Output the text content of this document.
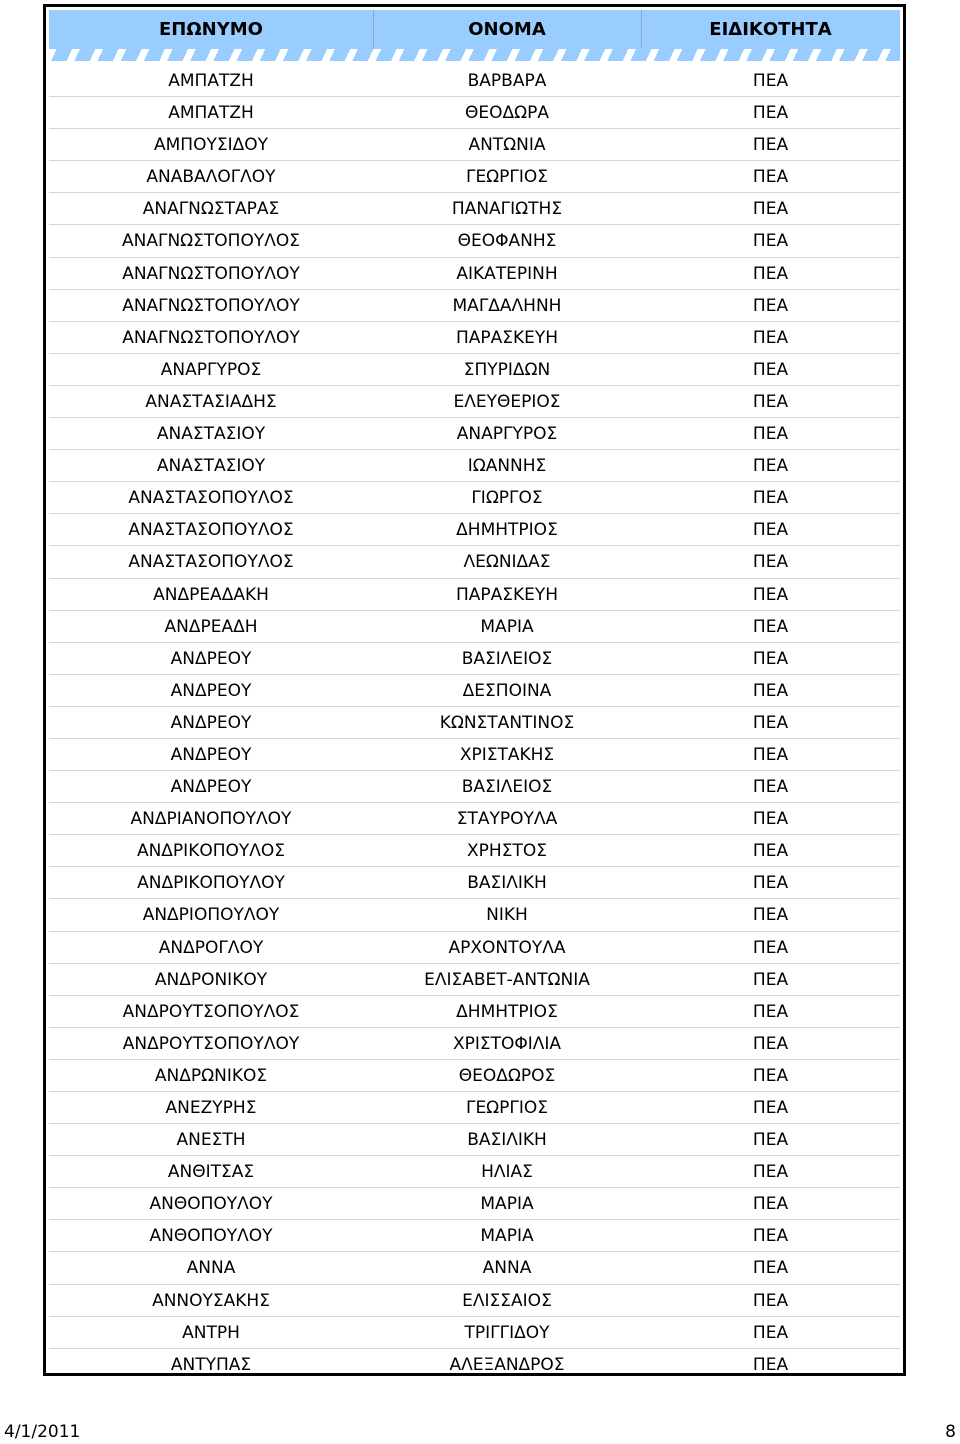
ΕΠΩΝΥΜΟ	ΟΝΟΜΑ	ΕΙΔΙΚΟΤΗΤΑ
ΑΜΠΑΤΖΗ	ΒΑΡΒΑΡΑ	ΠΕΑ
ΑΜΠΑΤΖΗ	ΘΕΟΔΩΡΑ	ΠΕΑ
ΑΜΠΟΥΣΙΔΟΥ	ΑΝΤΩΝΙΑ	ΠΕΑ
ΑΝΑΒΑΛΟΓΛΟΥ	ΓΕΩΡΓΙΟΣ	ΠΕΑ
ΑΝΑΓΝΩΣΤΑΡΑΣ	ΠΑΝΑΓΙΩΤΗΣ	ΠΕΑ
ΑΝΑΓΝΩΣΤΟΠΟΥΛΟΣ	ΘΕΟΦΑΝΗΣ	ΠΕΑ
ΑΝΑΓΝΩΣΤΟΠΟΥΛΟΥ	ΑΙΚΑΤΕΡΙΝΗ	ΠΕΑ
ΑΝΑΓΝΩΣΤΟΠΟΥΛΟΥ	ΜΑΓΔΑΛΗΝΗ	ΠΕΑ
ΑΝΑΓΝΩΣΤΟΠΟΥΛΟΥ	ΠΑΡΑΣΚΕΥΗ	ΠΕΑ
ΑΝΑΡΓΥΡΟΣ	ΣΠΥΡΙΔΩΝ	ΠΕΑ
ΑΝΑΣΤΑΣΙΑΔΗΣ	ΕΛΕΥΘΕΡΙΟΣ	ΠΕΑ
ΑΝΑΣΤΑΣΙΟΥ	ΑΝΑΡΓΥΡΟΣ	ΠΕΑ
ΑΝΑΣΤΑΣΙΟΥ	ΙΩΑΝΝΗΣ	ΠΕΑ
ΑΝΑΣΤΑΣΟΠΟΥΛΟΣ	ΓΙΩΡΓΟΣ	ΠΕΑ
ΑΝΑΣΤΑΣΟΠΟΥΛΟΣ	ΔΗΜΗΤΡΙΟΣ	ΠΕΑ
ΑΝΑΣΤΑΣΟΠΟΥΛΟΣ	ΛΕΩΝΙΔΑΣ	ΠΕΑ
ΑΝΔΡΕΑΔΑΚΗ	ΠΑΡΑΣΚΕΥΗ	ΠΕΑ
ΑΝΔΡΕΑΔΗ	ΜΑΡΙΑ	ΠΕΑ
ΑΝΔΡΕΟΥ	ΒΑΣΙΛΕΙΟΣ	ΠΕΑ
ΑΝΔΡΕΟΥ	ΔΕΣΠΟΙΝΑ	ΠΕΑ
ΑΝΔΡΕΟΥ	ΚΩΝΣΤΑΝΤΙΝΟΣ	ΠΕΑ
ΑΝΔΡΕΟΥ	ΧΡΙΣΤΑΚΗΣ	ΠΕΑ
ΑΝΔΡΕΟΥ	ΒΑΣΙΛΕΙΟΣ	ΠΕΑ
ΑΝΔΡΙΑΝΟΠΟΥΛΟΥ	ΣΤΑΥΡΟΥΛΑ	ΠΕΑ
ΑΝΔΡΙΚΟΠΟΥΛΟΣ	ΧΡΗΣΤΟΣ	ΠΕΑ
ΑΝΔΡΙΚΟΠΟΥΛΟΥ	ΒΑΣΙΛΙΚΗ	ΠΕΑ
ΑΝΔΡΙΟΠΟΥΛΟΥ	ΝΙΚΗ	ΠΕΑ
ΑΝΔΡΟΓΛΟΥ	ΑΡΧΟΝΤΟΥΛΑ	ΠΕΑ
ΑΝΔΡΟΝΙΚΟΥ	ΕΛΙΣΑΒΕΤ-ΑΝΤΩΝΙΑ	ΠΕΑ
ΑΝΔΡΟΥΤΣΟΠΟΥΛΟΣ	ΔΗΜΗΤΡΙΟΣ	ΠΕΑ
ΑΝΔΡΟΥΤΣΟΠΟΥΛΟΥ	ΧΡΙΣΤΟΦΙΛΙΑ	ΠΕΑ
ΑΝΔΡΩΝΙΚΟΣ	ΘΕΟΔΩΡΟΣ	ΠΕΑ
ΑΝΕΖΥΡΗΣ	ΓΕΩΡΓΙΟΣ	ΠΕΑ
ΑΝΕΣΤΗ	ΒΑΣΙΛΙΚΗ	ΠΕΑ
ΑΝΘΙΤΣΑΣ	ΗΛΙΑΣ	ΠΕΑ
ΑΝΘΟΠΟΥΛΟΥ	ΜΑΡΙΑ	ΠΕΑ
ΑΝΘΟΠΟΥΛΟΥ	ΜΑΡΙΑ	ΠΕΑ
ΑΝΝΑ	ΑΝΝΑ	ΠΕΑ
ΑΝΝΟΥΣΑΚΗΣ	ΕΛΙΣΣΑΙΟΣ	ΠΕΑ
ΑΝΤΡΗ	ΤΡΙΓΓΙΔΟΥ	ΠΕΑ
ΑΝΤΥΠΑΣ	ΑΛΕΞΑΝΔΡΟΣ	ΠΕΑ
4/1/2011	8
